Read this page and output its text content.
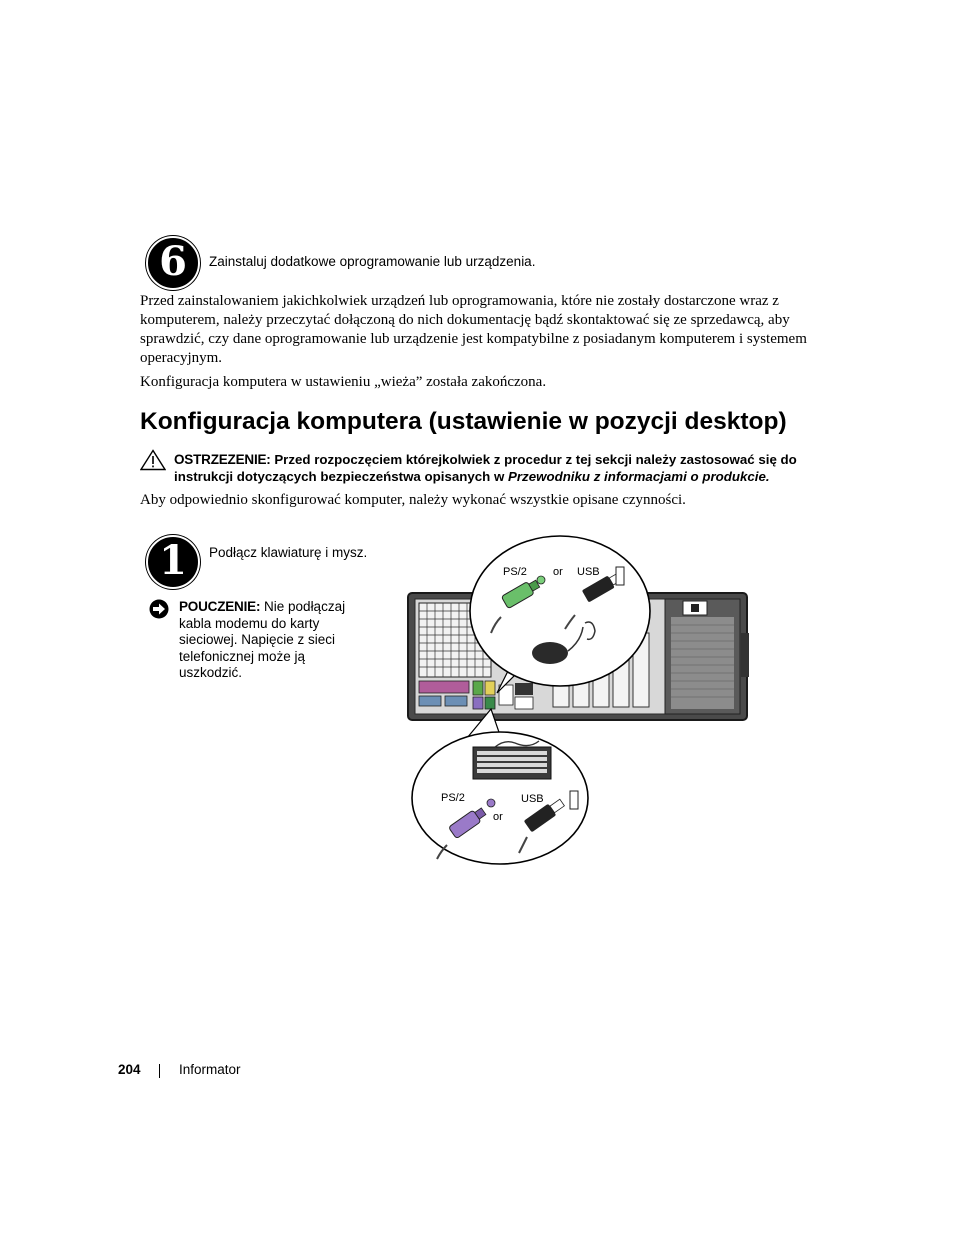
6	Zainstaluj dodatkowe oprogramowanie lub urządzenia.

Przed zainstalowaniem jakichkolwiek urządzeń lub oprogramowania, które nie zostały dostarczone wraz z komputerem, należy przeczytać dołączoną do nich dokumentację bądź skontaktować się ze sprzedawcą, aby sprawdzić, czy dane oprogramowanie lub urządzenie jest kompatybilne z posiadanym komputerem i systemem operacyjnym.

Konfiguracja komputera w ustawieniu „wieża” została zakończona.

Konfiguracja komputera (ustawienie w pozycji desktop)
OSTRZEZENIE: Przed rozpoczęciem którejkolwiek z procedur z tej sekcji należy zastosować się do instrukcji dotyczących bezpieczeństwa opisanych w Przewodniku z informacjami o produkcie.

Aby odpowiednio skonfigurować komputer, należy wykonać wszystkie opisane czynności.

1	Podłącz klawiaturę i mysz.
POUCZENIE: Nie podłączaj kabla modemu do karty sieciowej. Napięcie z sieci telefonicznej może ją uszkodzić.
PS/2 or USB
PS/2
or
USB
204	Informator
